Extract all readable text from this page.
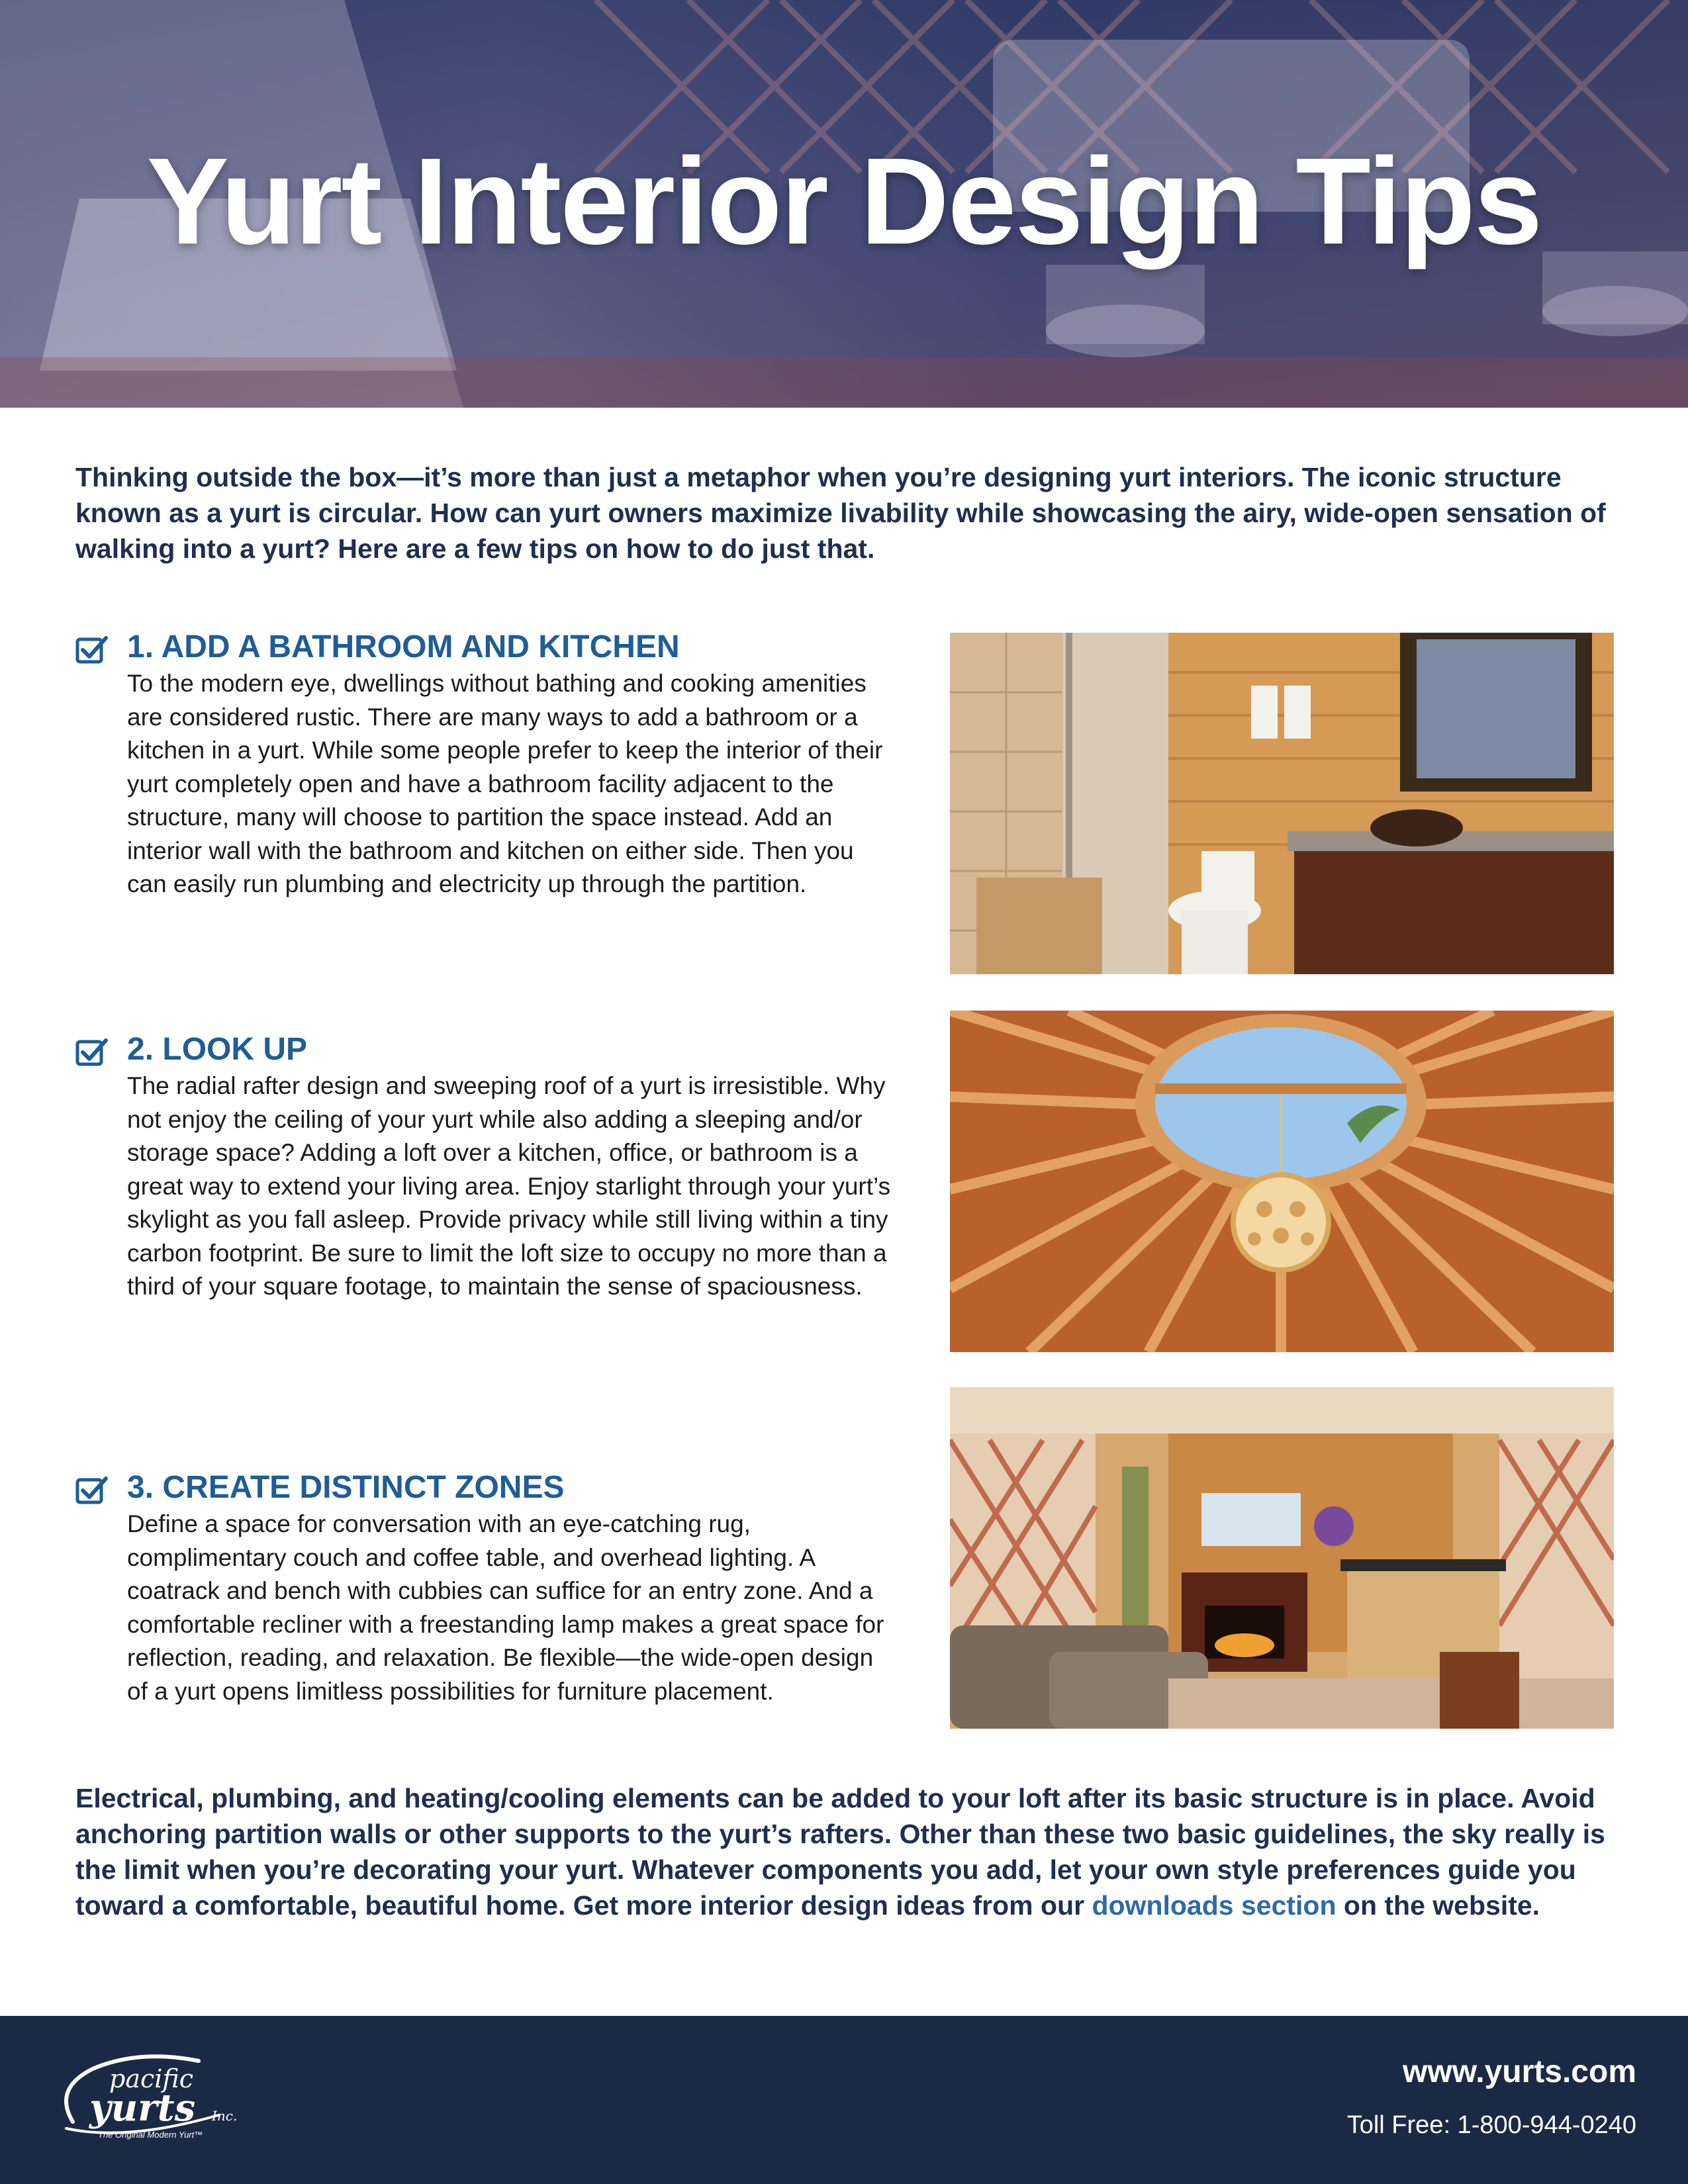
Yurt Interior Design Tips

Thinking outside the box—it’s more than just a metaphor when you’re designing yurt interiors. The iconic structure known as a yurt is circular. How can yurt owners maximize livability while showcasing the airy, wide-open sensation of walking into a yurt? Here are a few tips on how to do just that.

1. ADD A BATHROOM AND KITCHEN

To the modern eye, dwellings without bathing and cooking amenities are considered rustic. There are many ways to add a bathroom or a kitchen in a yurt. While some people prefer to keep the interior of their yurt completely open and have a bathroom facility adjacent to the structure, many will choose to partition the space instead. Add an interior wall with the bathroom and kitchen on either side. Then you can easily run plumbing and electricity up through the partition.

2. LOOK UP

The radial rafter design and sweeping roof of a yurt is irresistible. Why not enjoy the ceiling of your yurt while also adding a sleeping and/or storage space? Adding a loft over a kitchen, office, or bathroom is a great way to extend your living area. Enjoy starlight through your yurt’s skylight as you fall asleep. Provide privacy while still living within a tiny carbon footprint. Be sure to limit the loft size to occupy no more than a third of your square footage, to maintain the sense of spaciousness.

3. CREATE DISTINCT ZONES

Define a space for conversation with an eye-catching rug, complimentary couch and coffee table, and overhead lighting. A coatrack and bench with cubbies can suffice for an entry zone. And a comfortable recliner with a freestanding lamp makes a great space for reflection, reading, and relaxation. Be flexible—the wide-open design of a yurt opens limitless possibilities for furniture placement.

Electrical, plumbing, and heating/cooling elements can be added to your loft after its basic structure is in place. Avoid anchoring partition walls or other supports to the yurt’s rafters. Other than these two basic guidelines, the sky really is the limit when you’re decorating your yurt. Whatever components you add, let your own style preferences guide you toward a comfortable, beautiful home. Get more interior design ideas from our downloads section on the website.

pacific
yurts Inc.
The Original Modern Yurt™

www.yurts.com

Toll Free: 1-800-944-0240
